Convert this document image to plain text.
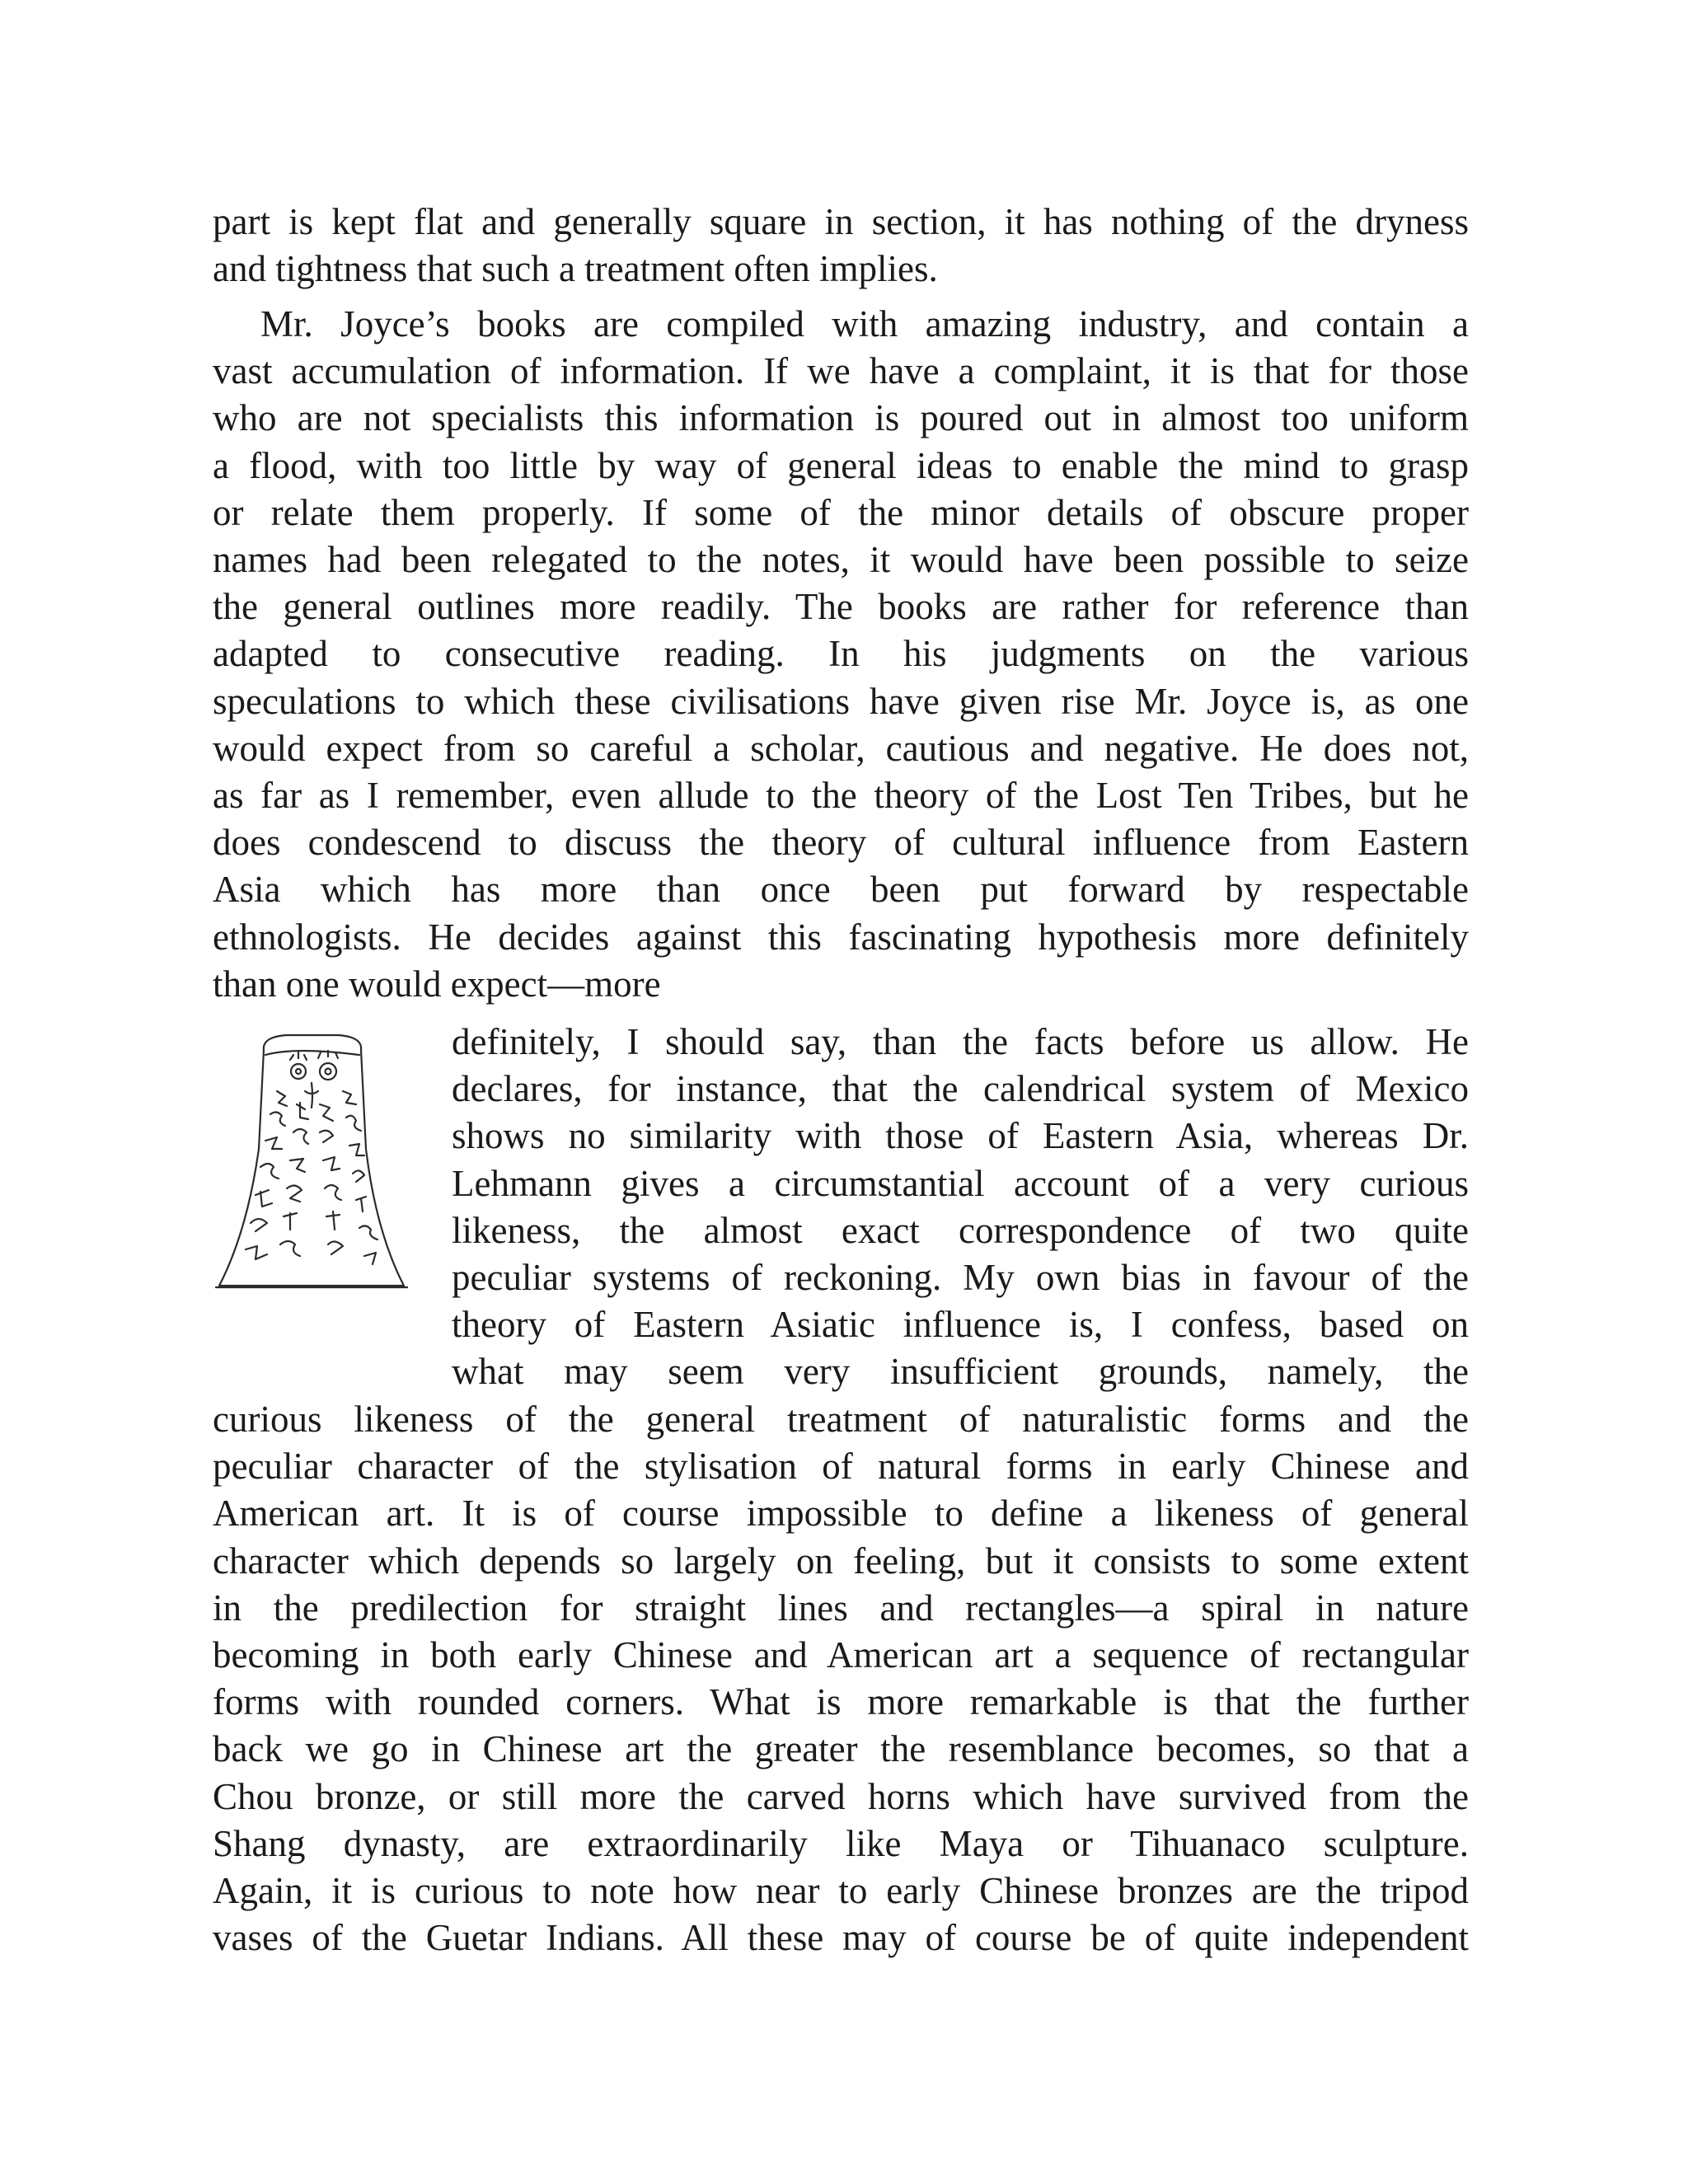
part is kept flat and generally square in section, it has nothing of the dryness
and tightness that such a treatment often implies.
Mr. Joyce’s books are compiled with amazing industry, and contain a
vast accumulation of information. If we have a complaint, it is that for those
who are not specialists this information is poured out in almost too uniform
a flood, with too little by way of general ideas to enable the mind to grasp
or relate them properly. If some of the minor details of obscure proper
names had been relegated to the notes, it would have been possible to seize
the general outlines more readily. The books are rather for reference than
adapted to consecutive reading. In his judgments on the various
speculations to which these civilisations have given rise Mr. Joyce is, as one
would expect from so careful a scholar, cautious and negative. He does not,
as far as I remember, even allude to the theory of the Lost Ten Tribes, but he
does condescend to discuss the theory of cultural influence from Eastern
Asia which has more than once been put forward by respectable
ethnologists. He decides against this fascinating hypothesis more definitely
than one would expect—more
definitely, I should say, than the facts before us allow. He
declares, for instance, that the calendrical system of Mexico
shows no similarity with those of Eastern Asia, whereas Dr.
Lehmann gives a circumstantial account of a very curious
likeness, the almost exact correspondence of two quite
peculiar systems of reckoning. My own bias in favour of the
theory of Eastern Asiatic influence is, I confess, based on
what may seem very insufficient grounds, namely, the
curious likeness of the general treatment of naturalistic forms and the
peculiar character of the stylisation of natural forms in early Chinese and
American art. It is of course impossible to define a likeness of general
character which depends so largely on feeling, but it consists to some extent
in the predilection for straight lines and rectangles—a spiral in nature
becoming in both early Chinese and American art a sequence of rectangular
forms with rounded corners. What is more remarkable is that the further
back we go in Chinese art the greater the resemblance becomes, so that a
Chou bronze, or still more the carved horns which have survived from the
Shang dynasty, are extraordinarily like Maya or Tihuanaco sculpture.
Again, it is curious to note how near to early Chinese bronzes are the tripod
vases of the Guetar Indians. All these may of course be of quite independent
